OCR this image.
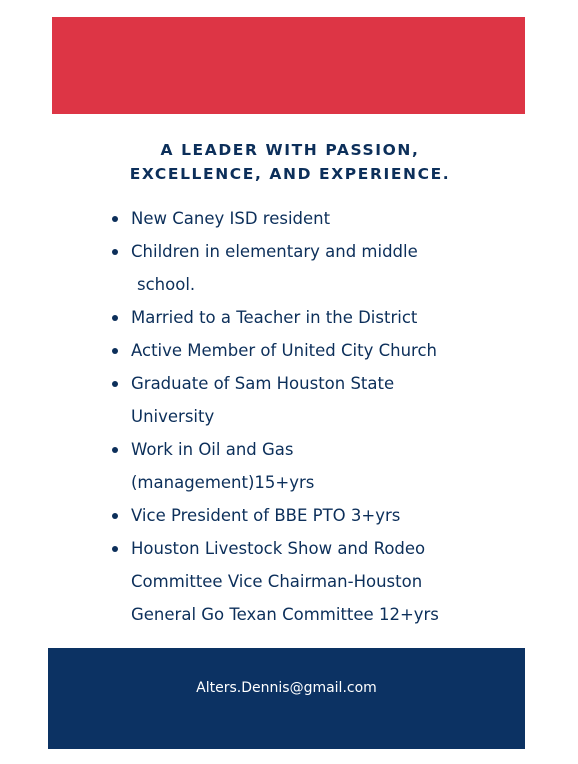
A LEADER WITH PASSION,
EXCELLENCE, AND EXPERIENCE.
New Caney ISD resident
Children in elementary and middle
school.
Married to a Teacher in the District
Active Member of United City Church
Graduate of Sam Houston State
University
Work in Oil and Gas
(management)15+yrs
Vice President of BBE PTO 3+yrs
Houston Livestock Show and Rodeo
Committee Vice Chairman-Houston
General Go Texan Committee 12+yrs
Alters.Dennis@gmail.com
